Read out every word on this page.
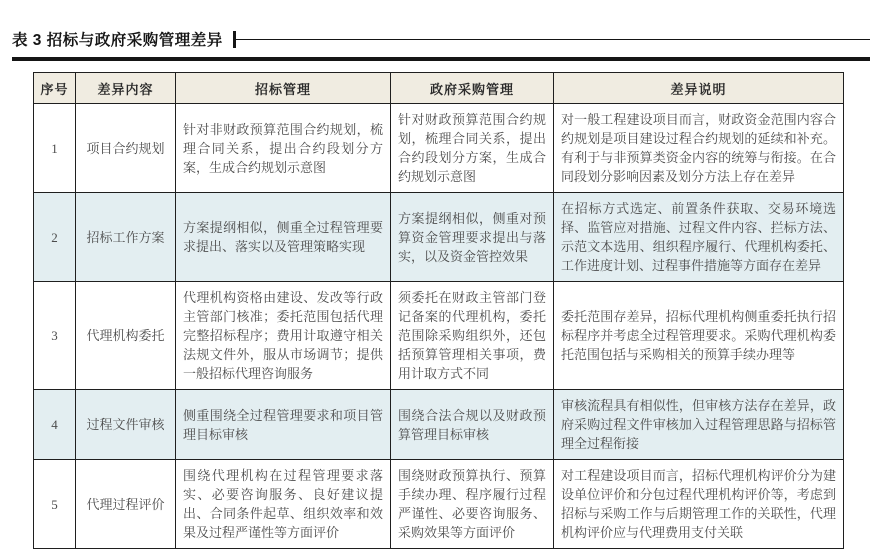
表 3 招标与政府采购管理差异
序号	差异内容	招标管理	政府采购管理	差异说明
1	项目合约规划	针对非财政预算范围合约规划，梳理合同关系，提出合约段划分方案，生成合约规划示意图	针对财政预算范围合约规划，梳理合同关系，提出合约段划分方案，生成合约规划示意图	对一般工程建设项目而言，财政资金范围内容合约规划是项目建设过程合约规划的延续和补充。有利于与非预算类资金内容的统筹与衔接。在合同段划分影响因素及划分方法上存在差异
2	招标工作方案	方案提纲相似，侧重全过程管理要求提出、落实以及管理策略实现	方案提纲相似，侧重对预算资金管理要求提出与落实，以及资金管控效果	在招标方式选定、前置条件获取、交易环境选择、监管应对措施、过程文件内容、拦标方法、示范文本选用、组织程序履行、代理机构委托、工作进度计划、过程事件措施等方面存在差异
3	代理机构委托	代理机构资格由建设、发改等行政主管部门核准；委托范围包括代理完整招标程序；费用计取遵守相关法规文件外，服从市场调节；提供一般招标代理咨询服务	须委托在财政主管部门登记备案的代理机构，委托范围除采购组织外，还包括预算管理相关事项，费用计取方式不同	委托范围存差异，招标代理机构侧重委托执行招标程序并考虑全过程管理要求。采购代理机构委托范围包括与采购相关的预算手续办理等
4	过程文件审核	侧重围绕全过程管理要求和项目管理目标审核	围绕合法合规以及财政预算管理目标审核	审核流程具有相似性，但审核方法存在差异，政府采购过程文件审核加入过程管理思路与招标管理全过程衔接
5	代理过程评价	围绕代理机构在过程管理要求落实、必要咨询服务、良好建议提出、合同条件起草、组织效率和效果及过程严谨性等方面评价	围绕财政预算执行、预算手续办理、程序履行过程严谨性、必要咨询服务、采购效果等方面评价	对工程建设项目而言，招标代理机构评价分为建设单位评价和分包过程代理机构评价等，考虑到招标与采购工作与后期管理工作的关联性，代理机构评价应与代理费用支付关联
